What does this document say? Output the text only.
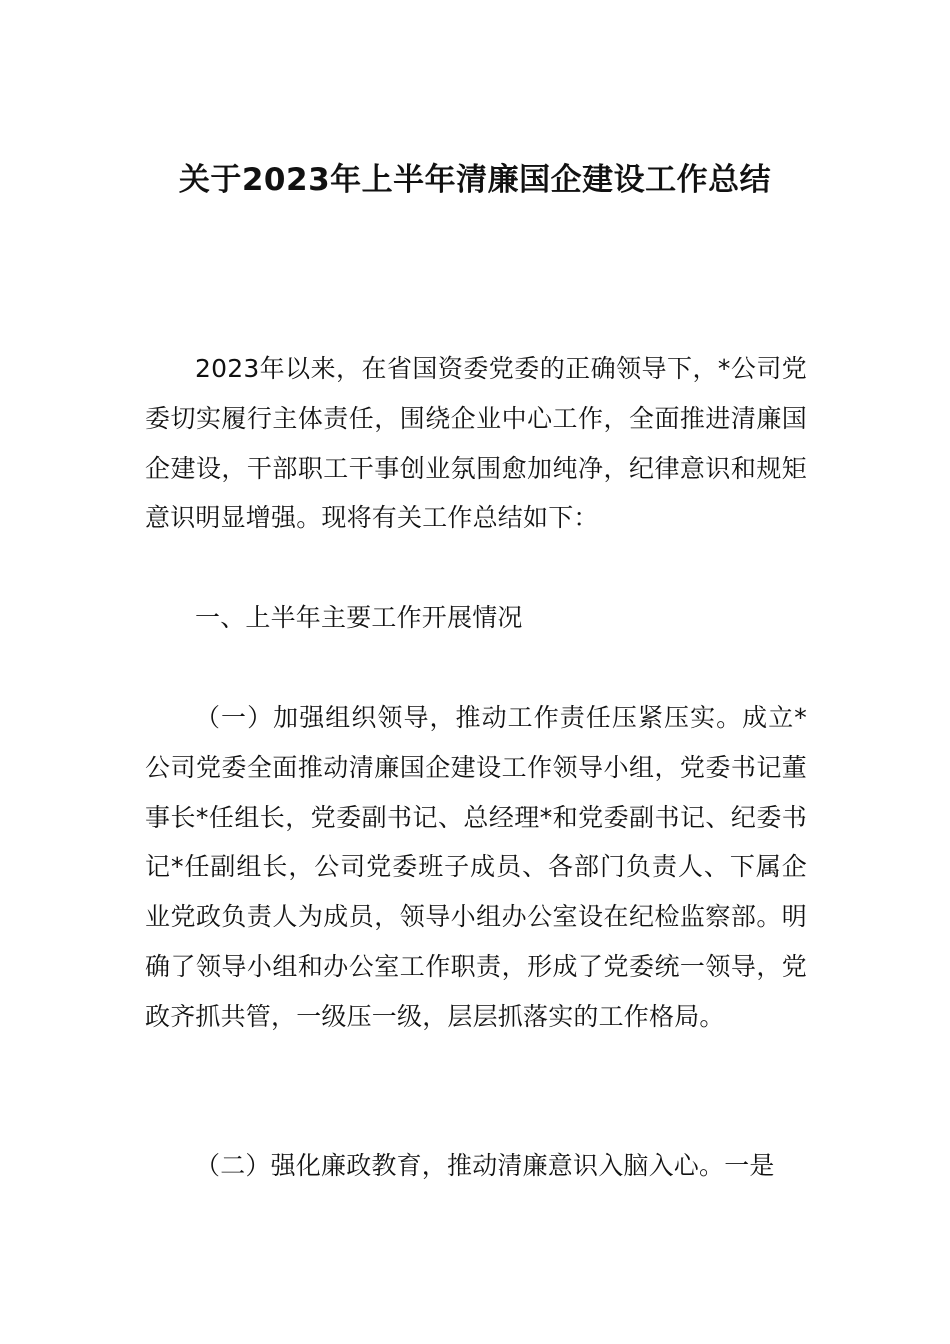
关于2023年上半年清廉国企建设工作总结

2023年以来，在省国资委党委的正确领导下，*公司党委切实履行主体责任，围绕企业中心工作，全面推进清廉国企建设，干部职工干事创业氛围愈加纯净，纪律意识和规矩意识明显增强。现将有关工作总结如下：

一、上半年主要工作开展情况

（一）加强组织领导，推动工作责任压紧压实。成立*公司党委全面推动清廉国企建设工作领导小组，党委书记董事长*任组长，党委副书记、总经理*和党委副书记、纪委书记*任副组长，公司党委班子成员、各部门负责人、下属企业党政负责人为成员，领导小组办公室设在纪检监察部。明确了领导小组和办公室工作职责，形成了党委统一领导，党政齐抓共管，一级压一级，层层抓落实的工作格局。

（二）强化廉政教育，推动清廉意识入脑入心。一是
